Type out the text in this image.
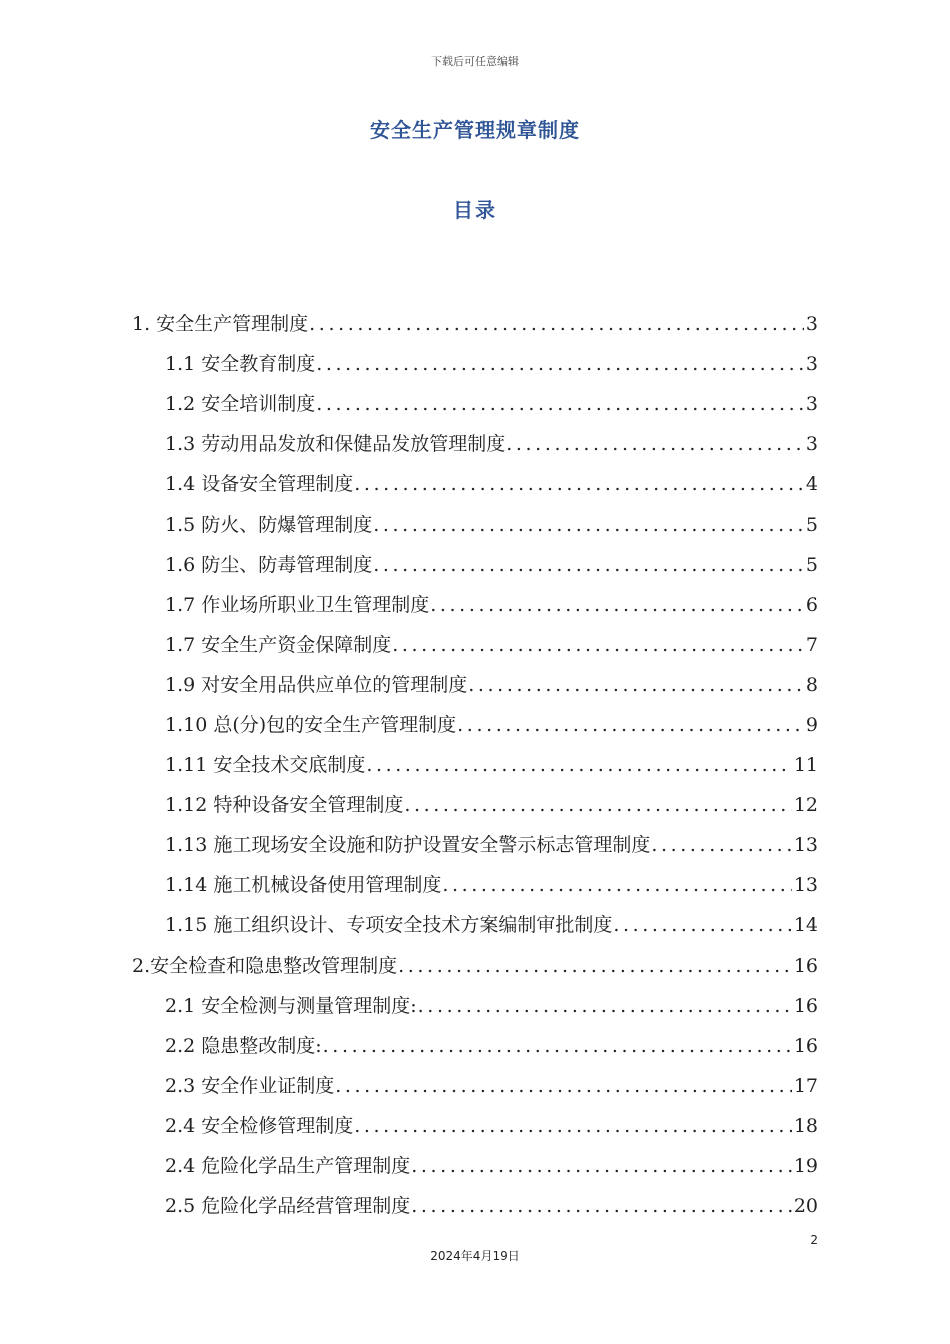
下载后可任意编辑
安全生产管理规章制度
目录
1. 安全生产管理制度 .....	3
1.1 安全教育制度 .....	3
1.2 安全培训制度 .....	3
1.3 劳动用品发放和保健品发放管理制度 .....	3
1.4 设备安全管理制度 .....	4
1.5 防火、防爆管理制度 .....	5
1.6 防尘、防毒管理制度 .....	5
1.7 作业场所职业卫生管理制度 .....	6
1.7 安全生产资金保障制度 .....	7
1.9 对安全用品供应单位的管理制度 .....	8
1.10 总(分)包的安全生产管理制度 .....	9
1.11 安全技术交底制度 .....	11
1.12 特种设备安全管理制度 .....	12
1.13 施工现场安全设施和防护设置安全警示标志管理制度 .....	13
1.14 施工机械设备使用管理制度 .....	13
1.15 施工组织设计、专项安全技术方案编制审批制度 .....	14
2.安全检查和隐患整改管理制度 .....	16
2.1 安全检测与测量管理制度: .....	16
2.2 隐患整改制度: .....	16
2.3 安全作业证制度 .....	17
2.4 安全检修管理制度 .....	18
2.4 危险化学品生产管理制度 .....	19
2.5 危险化学品经营管理制度 .....	20
2
2024年4月19日
